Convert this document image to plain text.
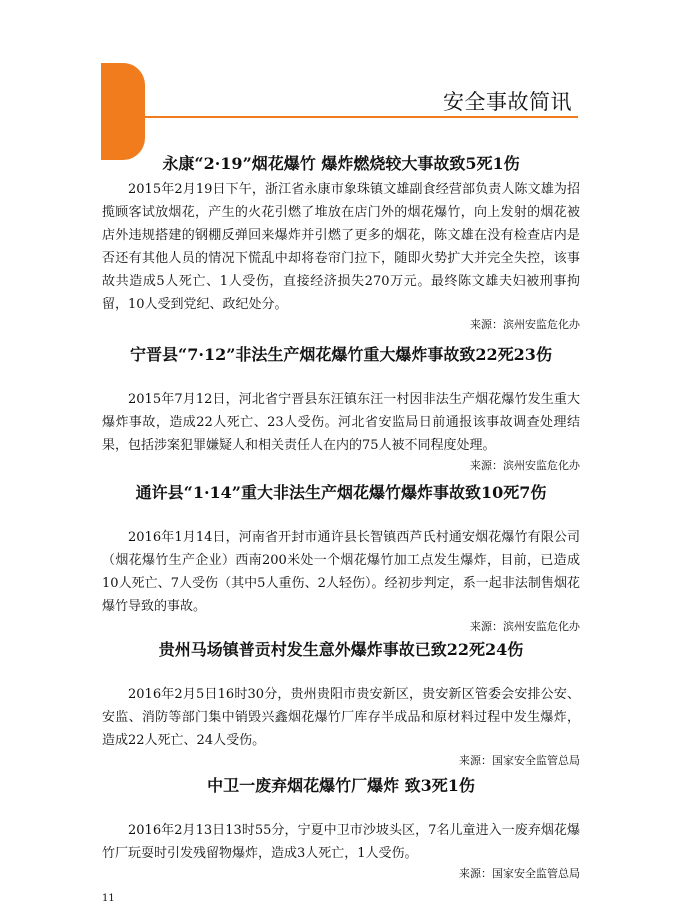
安全事故简讯
永康“2·19”烟花爆竹 爆炸燃烧较大事故致5死1伤
2015年2月19日下午，浙江省永康市象珠镇文雄副食经营部负责人陈文雄为招揽顾客试放烟花，产生的火花引燃了堆放在店门外的烟花爆竹，向上发射的烟花被店外违规搭建的钢棚反弹回来爆炸并引燃了更多的烟花，陈文雄在没有检查店内是否还有其他人员的情况下慌乱中却将卷帘门拉下，随即火势扩大并完全失控，该事故共造成5人死亡、1人受伤，直接经济损失270万元。最终陈文雄夫妇被刑事拘留，10人受到党纪、政纪处分。
来源：滨州安监危化办
宁晋县“7·12”非法生产烟花爆竹重大爆炸事故致22死23伤
2015年7月12日，河北省宁晋县东汪镇东汪一村因非法生产烟花爆竹发生重大爆炸事故，造成22人死亡、23人受伤。河北省安监局日前通报该事故调查处理结果，包括涉案犯罪嫌疑人和相关责任人在内的75人被不同程度处理。
来源：滨州安监危化办
通许县“1·14”重大非法生产烟花爆竹爆炸事故致10死7伤
2016年1月14日，河南省开封市通许县长智镇西芦氏村通安烟花爆竹有限公司（烟花爆竹生产企业）西南200米处一个烟花爆竹加工点发生爆炸，目前，已造成10人死亡、7人受伤（其中5人重伤、2人轻伤）。经初步判定，系一起非法制售烟花爆竹导致的事故。
来源：滨州安监危化办
贵州马场镇普贡村发生意外爆炸事故已致22死24伤
2016年2月5日16时30分，贵州贵阳市贵安新区，贵安新区管委会安排公安、安监、消防等部门集中销毁兴鑫烟花爆竹厂库存半成品和原材料过程中发生爆炸，造成22人死亡、24人受伤。
来源：国家安全监管总局
中卫一废弃烟花爆竹厂爆炸 致3死1伤
2016年2月13日13时55分，宁夏中卫市沙坡头区，7名儿童进入一废弃烟花爆竹厂玩耍时引发残留物爆炸，造成3人死亡，1人受伤。
来源：国家安全监管总局
11
